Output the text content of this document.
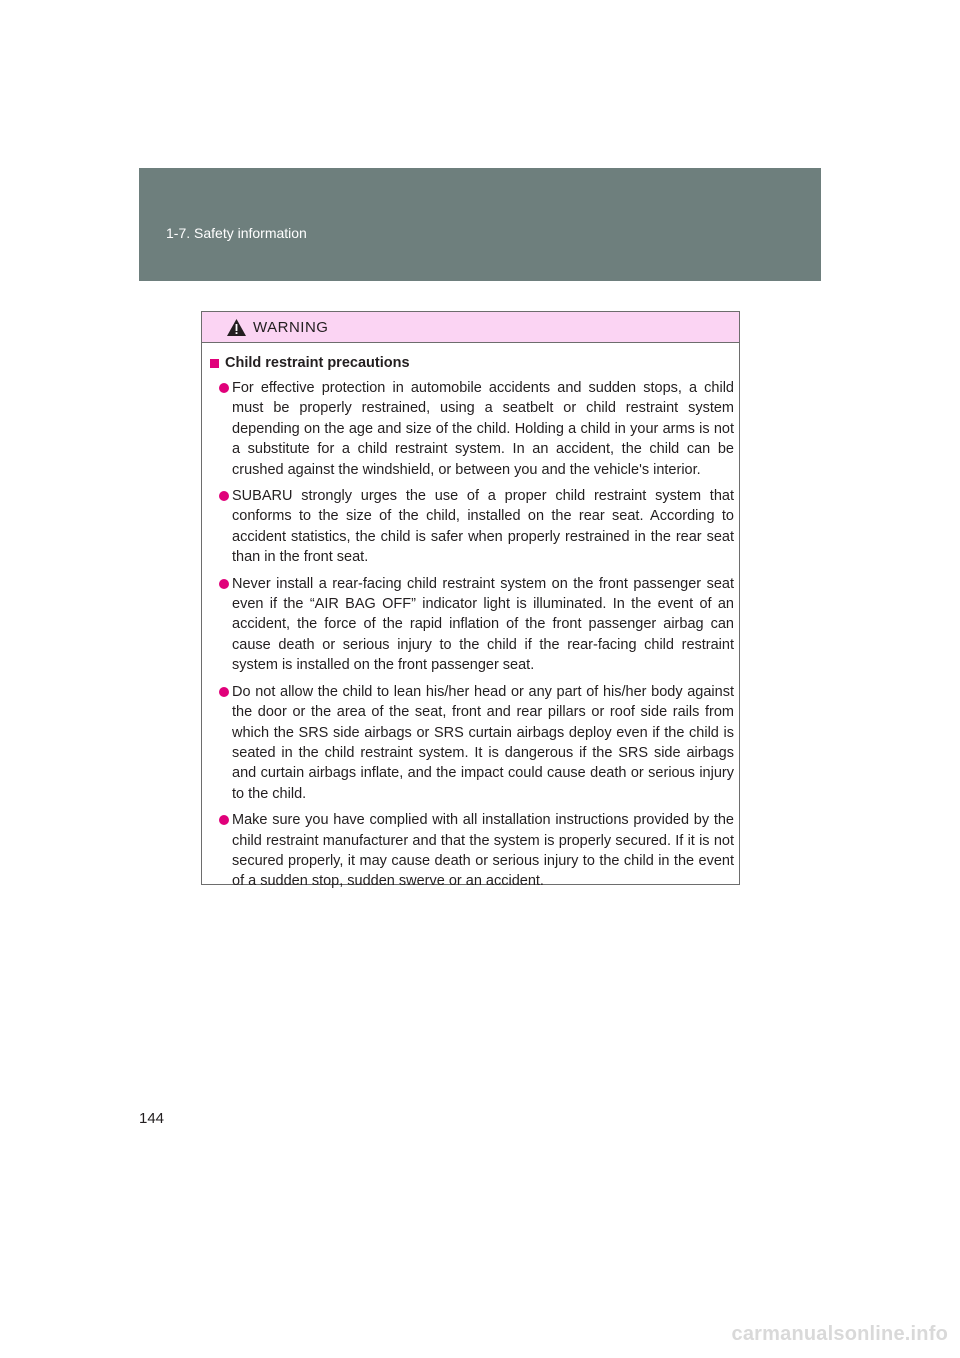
1-7. Safety information
WARNING
Child restraint precautions
For effective protection in automobile accidents and sudden stops, a child must be properly restrained, using a seatbelt or child restraint system depending on the age and size of the child. Holding a child in your arms is not a substitute for a child restraint system. In an accident, the child can be crushed against the windshield, or between you and the vehicle's interior.
SUBARU strongly urges the use of a proper child restraint system that conforms to the size of the child, installed on the rear seat. According to accident statistics, the child is safer when properly restrained in the rear seat than in the front seat.
Never install a rear-facing child restraint system on the front passenger seat even if the “AIR BAG OFF” indicator light is illuminated. In the event of an accident, the force of the rapid inflation of the front passenger airbag can cause death or serious injury to the child if the rear-facing child restraint system is installed on the front passenger seat.
Do not allow the child to lean his/her head or any part of his/her body against the door or the area of the seat, front and rear pillars or roof side rails from which the SRS side airbags or SRS curtain airbags deploy even if the child is seated in the child restraint system. It is dangerous if the SRS side airbags and curtain airbags inflate, and the impact could cause death or serious injury to the child.
Make sure you have complied with all installation instructions provided by the child restraint manufacturer and that the system is properly secured. If it is not secured properly, it may cause death or serious injury to the child in the event of a sudden stop, sudden swerve or an accident.
144
carmanualsonline.info
